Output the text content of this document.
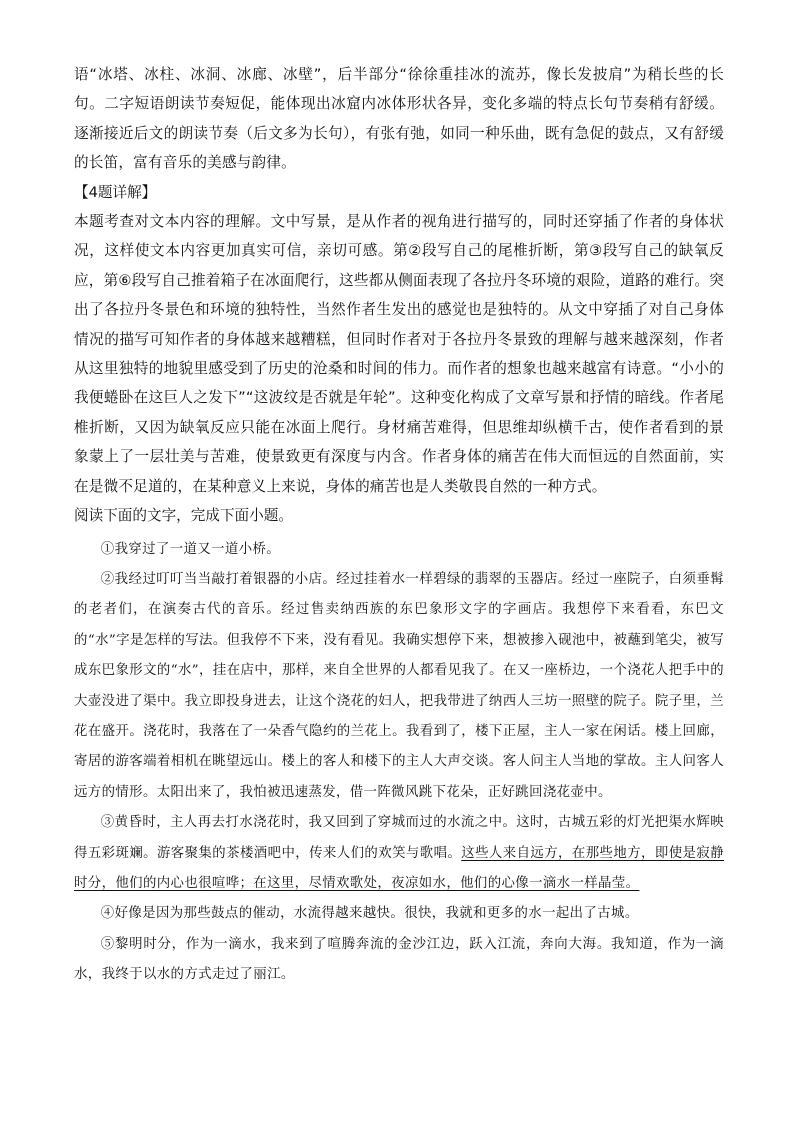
语“冰塔、冰柱、冰洞、冰廊、冰壁”，后半部分“徐徐重挂冰的流苏，像长发披肩”为稍长些的长句。二字短语朗读节奏短促，能体现出冰窟内冰体形状各异，变化多端的特点长句节奏稍有舒缓。逐渐接近后文的朗读节奏（后文多为长句），有张有弛，如同一种乐曲，既有急促的鼓点，又有舒缓的长笛，富有音乐的美感与韵律。

【4题详解】

本题考查对文本内容的理解。文中写景，是从作者的视角进行描写的，同时还穿插了作者的身体状况，这样使文本内容更加真实可信，亲切可感。第②段写自己的尾椎折断，第③段写自己的缺氧反应，第⑥段写自己推着箱子在冰面爬行，这些都从侧面表现了各拉丹冬环境的艰险，道路的难行。突出了各拉丹冬景色和环境的独特性，当然作者生发出的感觉也是独特的。从文中穿插了对自己身体情况的描写可知作者的身体越来越糟糕，但同时作者对于各拉丹冬景致的理解与越来越深刻，作者从这里独特的地貌里感受到了历史的沧桑和时间的伟力。而作者的想象也越来越富有诗意。“小小的我便蜷卧在这巨人之发下”“这波纹是否就是年轮”。这种变化构成了文章写景和抒情的暗线。作者尾椎折断，又因为缺氧反应只能在冰面上爬行。身材痛苦难得，但思维却纵横千古，使作者看到的景象蒙上了一层壮美与苦难，使景致更有深度与内含。作者身体的痛苦在伟大而恒远的自然面前，实在是微不足道的，在某种意义上来说，身体的痛苦也是人类敬畏自然的一种方式。

阅读下面的文字，完成下面小题。

①我穿过了一道又一道小桥。

②我经过叮叮当当敲打着银器的小店。经过挂着水一样碧绿的翡翠的玉器店。经过一座院子，白须垂髯的老者们，在演奏古代的音乐。经过售卖纳西族的东巴象形文字的字画店。我想停下来看看，东巴文的“水”字是怎样的写法。但我停不下来，没有看见。我确实想停下来，想被掺入砚池中，被蘸到笔尖，被写成东巴象形文的“水”，挂在店中，那样，来自全世界的人都看见我了。在又一座桥边，一个浇花人把手中的大壶没进了渠中。我立即投身进去，让这个浇花的妇人，把我带进了纳西人三坊一照壁的院子。院子里，兰花在盛开。浇花时，我落在了一朵香气隐约的兰花上。我看到了，楼下正屋，主人一家在闲话。楼上回廊，寄居的游客端着相机在眺望远山。楼上的客人和楼下的主人大声交谈。客人问主人当地的掌故。主人问客人远方的情形。太阳出来了，我怕被迅速蒸发，借一阵微风跳下花朵，正好跳回浇花壶中。

③黄昏时，主人再去打水浇花时，我又回到了穿城而过的水流之中。这时，古城五彩的灯光把渠水辉映得五彩斑斓。游客聚集的茶楼酒吧中，传来人们的欢笑与歌唱。这些人来自远方，在那些地方，即使是寂静时分，他们的内心也很喧哗；在这里，尽情欢歌处，夜凉如水，他们的心像一滴水一样晶莹。

④好像是因为那些鼓点的催动，水流得越来越快。很快，我就和更多的水一起出了古城。

⑤黎明时分，作为一滴水，我来到了喧腾奔流的金沙江边，跃入江流，奔向大海。我知道，作为一滴水，我终于以水的方式走过了丽江。
